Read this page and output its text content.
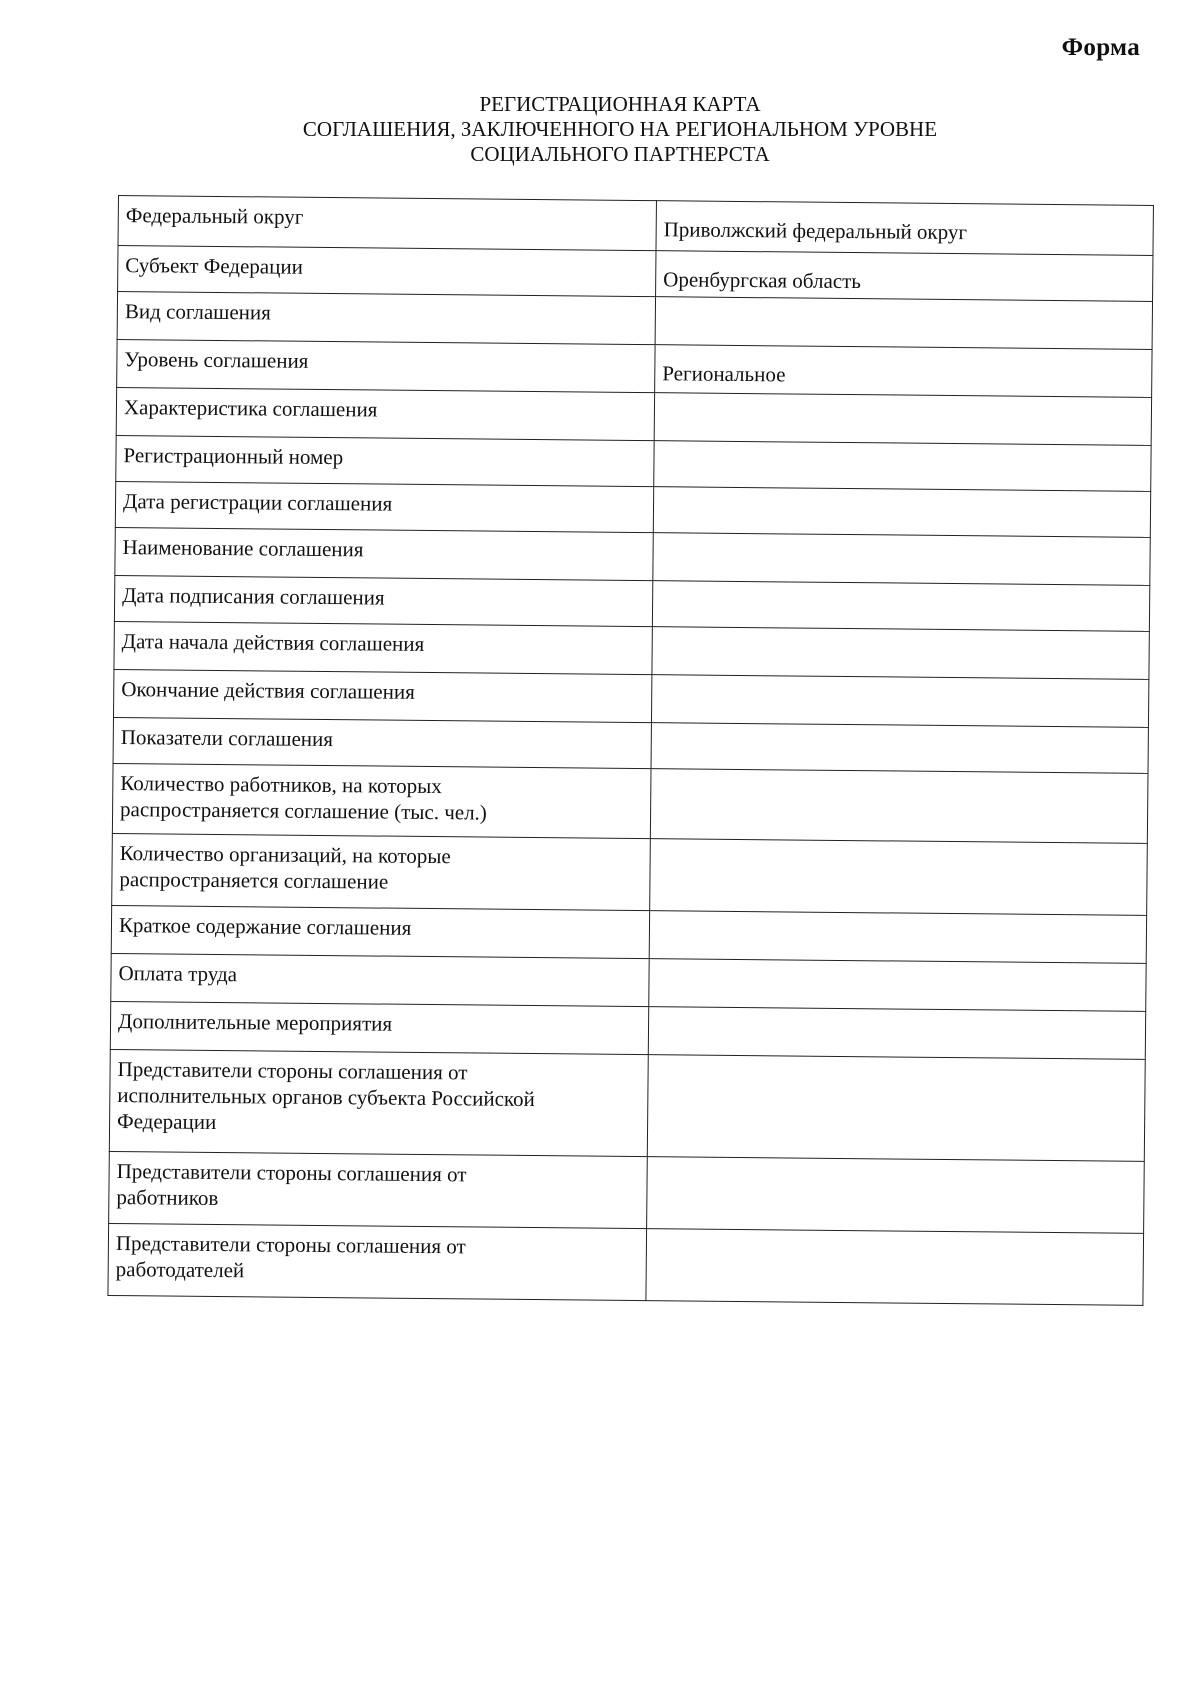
Форма
РЕГИСТРАЦИОННАЯ КАРТА
СОГЛАШЕНИЯ, ЗАКЛЮЧЕННОГО НА РЕГИОНАЛЬНОМ УРОВНЕ
СОЦИАЛЬНОГО ПАРТНЕРСТА
Федеральный округ	Приволжский федеральный округ

Субъект Федерации	Оренбургская область

Вид соглашения	
Уровень соглашения	Региональное

Характеристика соглашения	
Регистрационный номер	
Дата регистрации соглашения	
Наименование соглашения	
Дата подписания соглашения	
Дата начала действия соглашения	
Окончание действия соглашения	
Показатели соглашения	
Количество работников, на которых
распространяется соглашение (тыс. чел.)	
Количество организаций, на которые
распространяется соглашение	
Краткое содержание соглашения	
Оплата труда	
Дополнительные мероприятия	
Представители стороны соглашения от
исполнительных органов субъекта Российской
Федерации	
Представители стороны соглашения от
работников	
Представители стороны соглашения от
работодателей	
